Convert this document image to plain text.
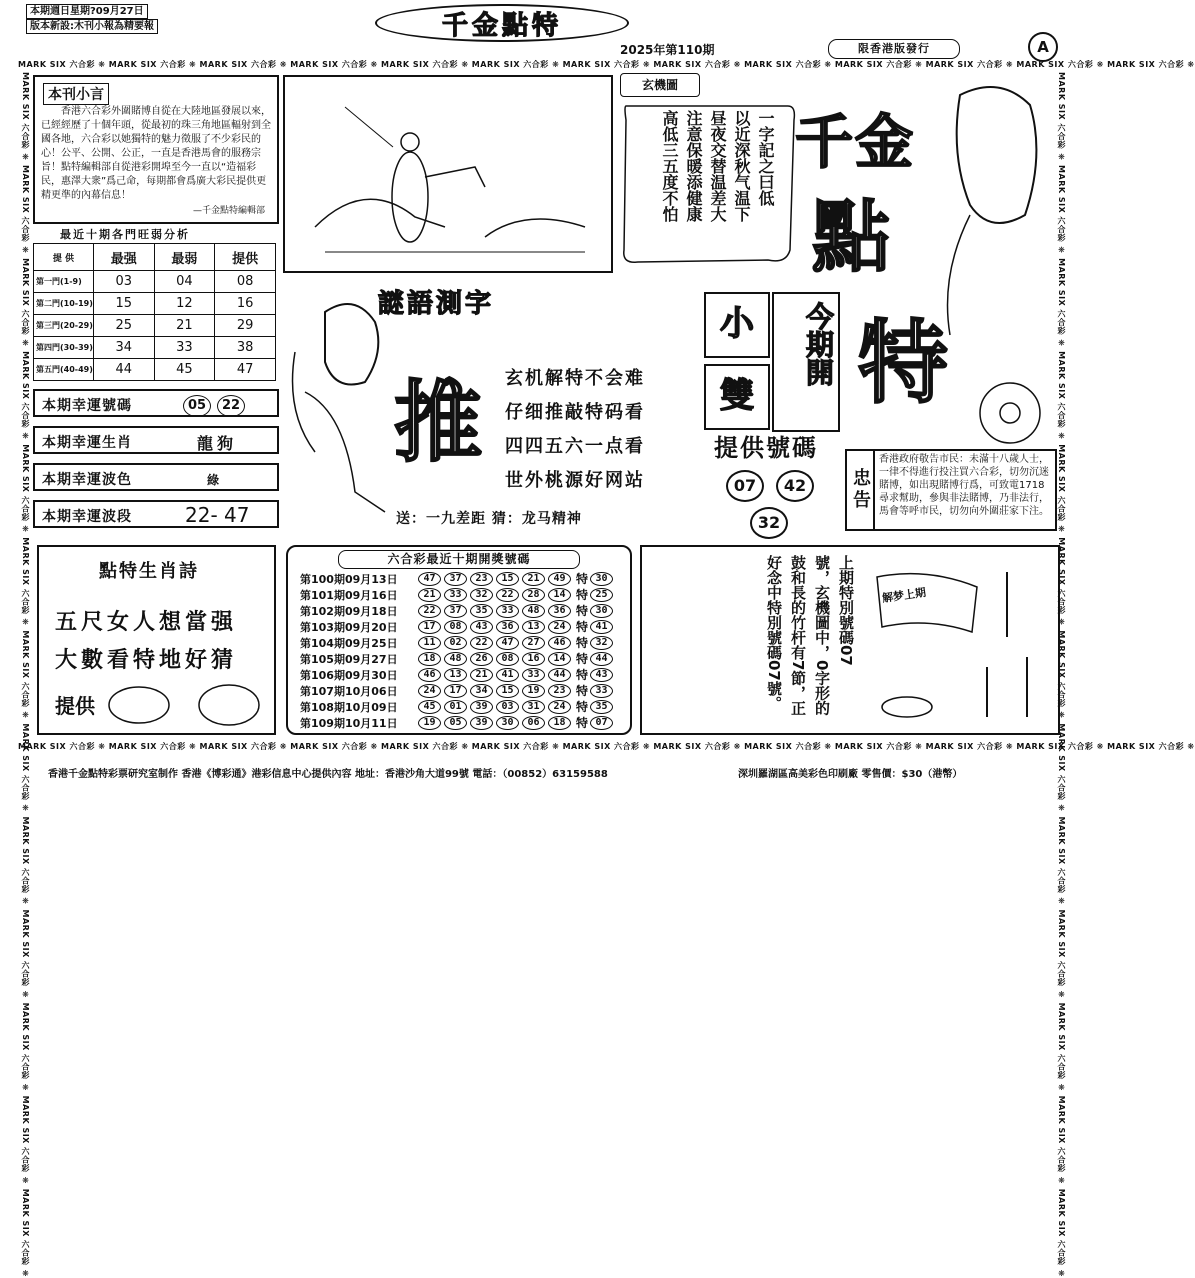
本期週日星期?09月27日
版本新設:木刊小報為精要報	千金點特
2025年第110期	限香港版發行	A
MARK SIX 六合彩 ❋ MARK SIX 六合彩 ❋ MARK SIX 六合彩 ❋ MARK SIX 六合彩 ❋ MARK SIX 六合彩 ❋ MARK SIX 六合彩 ❋ MARK SIX 六合彩 ❋ MARK SIX 六合彩 ❋ MARK SIX 六合彩 ❋ MARK SIX 六合彩 ❋ MARK SIX 六合彩 ❋ MARK SIX 六合彩 ❋ MARK SIX 六合彩 ❋
MARK SIX 六合彩 ❋ MARK SIX 六合彩 ❋ MARK SIX 六合彩 ❋ MARK SIX 六合彩 ❋ MARK SIX 六合彩 ❋ MARK SIX 六合彩 ❋ MARK SIX 六合彩 ❋ MARK SIX 六合彩 ❋ MARK SIX 六合彩 ❋ MARK SIX 六合彩 ❋ MARK SIX 六合彩 ❋ MARK SIX 六合彩 ❋ MARK SIX 六合彩 ❋
MARK SIX 六合彩 ❋ MARK SIX 六合彩 ❋ MARK SIX 六合彩 ❋ MARK SIX 六合彩 ❋ MARK SIX 六合彩 ❋ MARK SIX 六合彩 ❋ MARK SIX 六合彩 ❋ MARK SIX 六合彩 ❋ MARK SIX 六合彩 ❋ MARK SIX 六合彩 ❋ MARK SIX 六合彩 ❋ MARK SIX 六合彩 ❋ MARK SIX 六合彩 ❋	MARK SIX 六合彩 ❋ MARK SIX 六合彩 ❋ MARK SIX 六合彩 ❋ MARK SIX 六合彩 ❋ MARK SIX 六合彩 ❋ MARK SIX 六合彩 ❋ MARK SIX 六合彩 ❋ MARK SIX 六合彩 ❋ MARK SIX 六合彩 ❋ MARK SIX 六合彩 ❋ MARK SIX 六合彩 ❋ MARK SIX 六合彩 ❋ MARK SIX 六合彩 ❋
本刊小言
香港六合彩外圍賭博自從在大陸地區發展以來，已經經歷了十個年頭，從最初的珠三角地區輻射到全國各地，六合彩以她獨特的魅力徵服了不少彩民的心！公平、公開、公正，一直是香港馬會的服務宗旨！點特編輯部自從港彩開埠至今一直以“造福彩民，惠澤大衆”爲己命，每期都會爲廣大彩民提供更精更準的內幕信息！
—千金點特編輯部
最近十期各門旺弱分析
提 供	最强	最弱	提供
第一門(1-9)	03	04	08
第二門(10-19)	15	12	16
第三門(20-29)	25	21	29
第四門(30-39)	34	33	38
第五門(40-49)	44	45	47
本期幸運號碼	05 22
本期幸運生肖	龍狗
本期幸運波色	綠
本期幸運波段	22- 47
玄機圖
一字記之曰低
以近深秋气温下
昼夜交替温差大
注意保暖添健康
高低三五度不怕 千金
點
特
小
雙
今期開
提供號碼
07	42
32
忠告
香港政府敬告市民：未滿十八歲人士，一律不得進行投注買六合彩，切勿沉迷賭博，如出現賭博行爲，可致電1718尋求幫助，參與非法賭博，乃非法行，馬會等呼市民，切勿向外圍莊家下注。
謎語測字
推 玄机解特不会难
仔细推敲特码看
四四五六一点看
世外桃源好网站
送：一九差距 猜：龙马精神
點特生肖詩
五尺女人想當强
大數看特地好猜
提供
六合彩最近十期開獎號碼
第100期09月13日	47	37	23	15	21	49 特 30
第101期09月16日	21	33	32	22	28	14 特 25
第102期09月18日	22	37	35	33	48	36 特 30
第103期09月20日	17	08	43	36	13	24 特 41
第104期09月25日	11	02	22	47	27	46 特 32
第105期09月27日	18	48	26	08	16	14 特 44
第106期09月30日	46	13	21	41	33	44 特 43
第107期10月06日	24	17	34	15	19	23 特 33
第108期10月09日	45	01	39	03	31	24 特 35
第109期10月11日	19	05	39	30	06	18 特 07
上期特別號碼07
號，玄機圖中，0字形的
鼓和長的竹杆有7節，正
好念中特別號碼07號。	解梦上期
香港千金點特彩票研究室制作 香港《博彩通》港彩信息中心提供內容 地址：香港沙角大道99號 電話：（00852）63159588	深圳羅湖區高美彩色印刷廠 零售價：$30（港幣）
